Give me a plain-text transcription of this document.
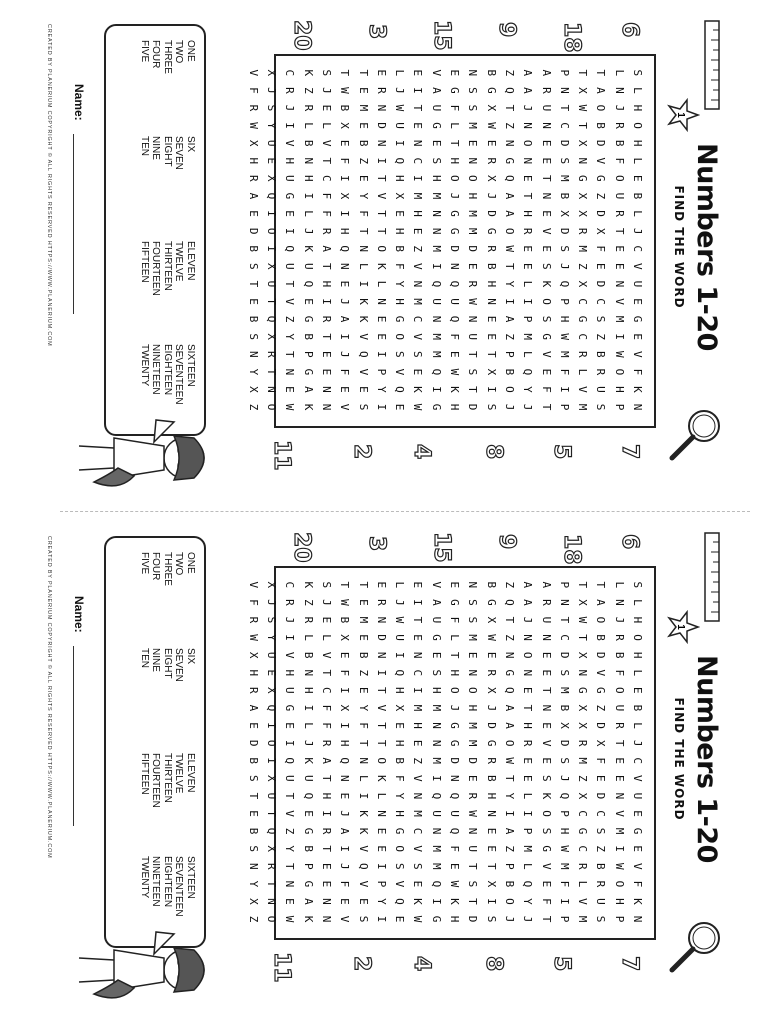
1
Numbers 1-20
FIND THE WORD
6
18
9
15
3
20
7
5
8
4
2
11
S
L
H
O
H
L
E
B
L
J
C
V
U
E
G
E
V
F
K
N
L
N
J
R
B
F
O
U
R
T
E
E
N
V
M
I
W
O
H
P
T
A
O
B
D
V
G
Z
D
X
F
E
D
C
S
Z
B
R
U
S
T
X
W
T
X
N
G
X
X
R
M
Z
X
C
G
C
R
L
V
M
P
N
T
C
D
S
M
B
X
D
S
J
Q
P
H
W
M
F
I
P
A
R
U
N
E
E
T
N
E
V
E
S
K
O
S
G
V
E
F
T
A
A
J
N
O
N
E
T
H
R
E
E
L
I
P
M
L
Q
Y
J
Z
Q
T
Z
N
G
Q
A
A
O
W
T
Y
I
A
Z
P
B
O
J
B
G
X
W
E
R
X
J
D
G
R
B
H
N
E
E
T
X
I
S
N
S
S
M
E
N
O
H
M
M
D
E
R
W
N
U
T
S
T
D
E
G
F
L
T
H
O
J
G
G
D
N
Q
U
Q
F
E
W
K
H
V
A
U
G
E
S
H
M
N
N
M
I
Q
U
N
M
M
Q
I
G
E
I
T
E
N
C
I
M
H
E
Z
V
N
M
C
V
S
E
K
W
L
J
W
U
I
Q
H
X
E
H
B
F
Y
H
G
O
S
V
Q
E
E
R
N
D
N
I
T
V
T
T
O
K
L
N
E
E
I
P
Y
I
T
E
M
E
B
Z
E
Y
F
T
N
L
I
K
K
V
Q
V
E
S
T
W
B
X
E
F
I
X
I
H
Q
N
E
J
A
I
J
F
E
V
S
J
E
L
V
T
C
F
F
R
A
T
H
I
R
T
E
E
N
N
K
Z
R
L
B
N
H
I
L
J
K
U
Q
E
G
B
P
G
A
K
C
R
J
I
V
H
U
G
E
I
Q
U
T
V
Z
Y
T
N
E
W
X
J
S
Y
U
E
X
Q
I
O
I
X
U
T
Q
X
R
T
N
O
V
F
R
W
X
H
R
A
E
D
B
S
T
E
B
S
N
Y
X
Z
ONE
TWO
THREE
FOUR
FIVE
SIX
SEVEN
EIGHT
NINE
TEN
ELEVEN
TWELVE
THIRTEEN
FOURTEEN
FIFTEEN
SIXTEEN
SEVENTEEN
EIGHTEEN
NINETEEN
TWENTY
Name:
CREATED BY PLANERIUM COPYRIGHT © ALL RIGHTS RESERVED HTTPS://WWW.PLANERIUM.COM
1
Numbers 1-20
FIND THE WORD
6
18
9
15
3
20
7
5
8
4
2
11
S
L
H
O
H
L
E
B
L
J
C
V
U
E
G
E
V
F
K
N
L
N
J
R
B
F
O
U
R
T
E
E
N
V
M
I
W
O
H
P
T
A
O
B
D
V
G
Z
D
X
F
E
D
C
S
Z
B
R
U
S
T
X
W
T
X
N
G
X
X
R
M
Z
X
C
G
C
R
L
V
M
P
N
T
C
D
S
M
B
X
D
S
J
Q
P
H
W
M
F
I
P
A
R
U
N
E
E
T
N
E
V
E
S
K
O
S
G
V
E
F
T
A
A
J
N
O
N
E
T
H
R
E
E
L
I
P
M
L
Q
Y
J
Z
Q
T
Z
N
G
Q
A
A
O
W
T
Y
I
A
Z
P
B
O
J
B
G
X
W
E
R
X
J
D
G
R
B
H
N
E
E
T
X
I
S
N
S
S
M
E
N
O
H
M
M
D
E
R
W
N
U
T
S
T
D
E
G
F
L
T
H
O
J
G
G
D
N
Q
U
Q
F
E
W
K
H
V
A
U
G
E
S
H
M
N
N
M
I
Q
U
N
M
M
Q
I
G
E
I
T
E
N
C
I
M
H
E
Z
V
N
M
C
V
S
E
K
W
L
J
W
U
I
Q
H
X
E
H
B
F
Y
H
G
O
S
V
Q
E
E
R
N
D
N
I
T
V
T
T
O
K
L
N
E
E
I
P
Y
I
T
E
M
E
B
Z
E
Y
F
T
N
L
I
K
K
V
Q
V
E
S
T
W
B
X
E
F
I
X
I
H
Q
N
E
J
A
I
J
F
E
V
S
J
E
L
V
T
C
F
F
R
A
T
H
I
R
T
E
E
N
N
K
Z
R
L
B
N
H
I
L
J
K
U
Q
E
G
B
P
G
A
K
C
R
J
I
V
H
U
G
E
I
Q
U
T
V
Z
Y
T
N
E
W
X
J
S
Y
U
E
X
Q
I
O
I
X
U
T
Q
X
R
T
N
O
V
F
R
W
X
H
R
A
E
D
B
S
T
E
B
S
N
Y
X
Z
ONE
TWO
THREE
FOUR
FIVE
SIX
SEVEN
EIGHT
NINE
TEN
ELEVEN
TWELVE
THIRTEEN
FOURTEEN
FIFTEEN
SIXTEEN
SEVENTEEN
EIGHTEEN
NINETEEN
TWENTY
Name:
CREATED BY PLANERIUM COPYRIGHT © ALL RIGHTS RESERVED HTTPS://WWW.PLANERIUM.COM
